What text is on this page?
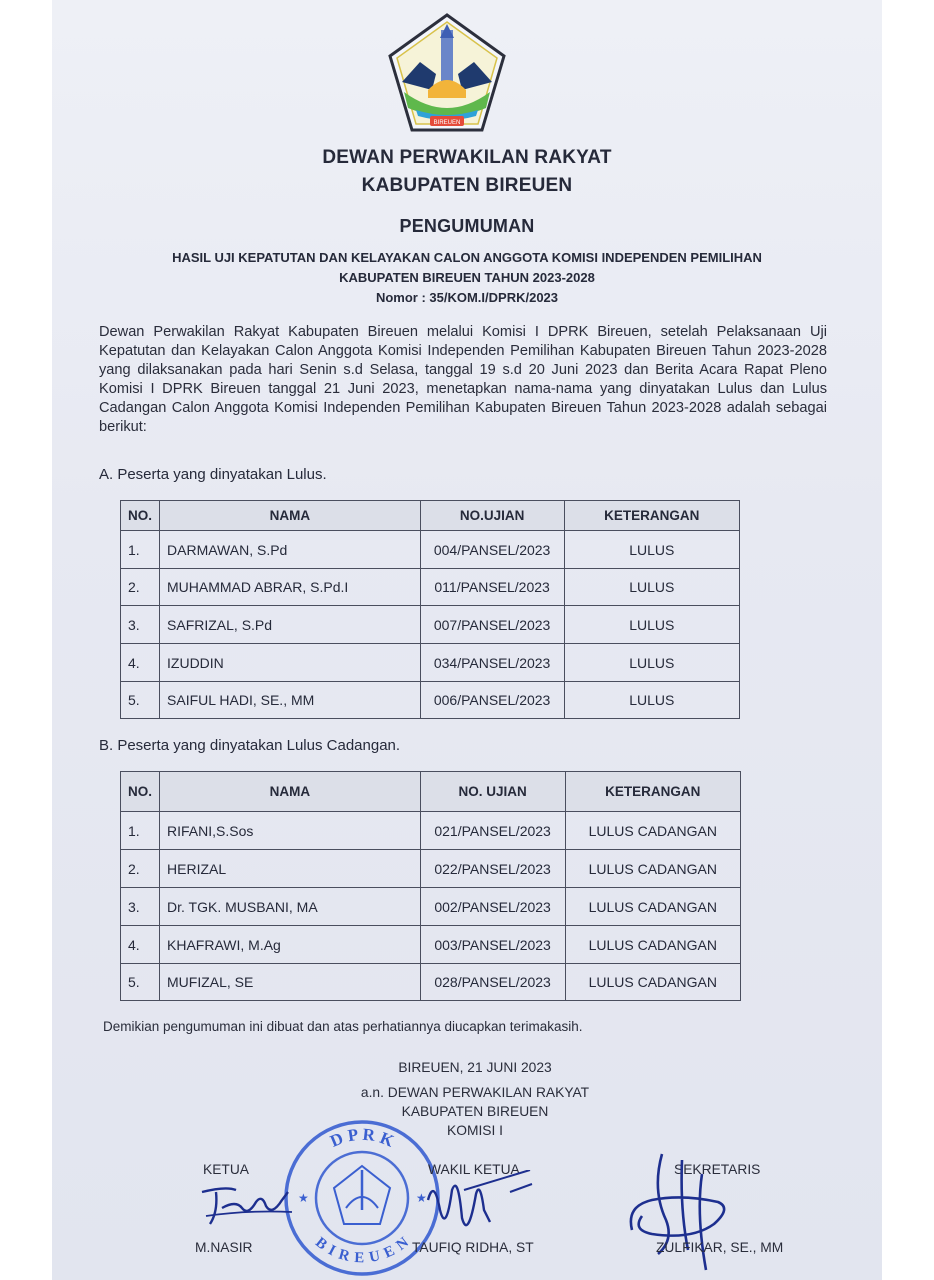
BIREUEN
DEWAN PERWAKILAN RAKYAT
KABUPATEN BIREUEN
PENGUMUMAN
HASIL UJI KEPATUTAN DAN KELAYAKAN CALON ANGGOTA KOMISI INDEPENDEN PEMILIHAN
KABUPATEN BIREUEN TAHUN 2023-2028
Nomor : 35/KOM.I/DPRK/2023
Dewan Perwakilan Rakyat Kabupaten Bireuen melalui Komisi I DPRK Bireuen, setelah Pelaksanaan Uji Kepatutan dan Kelayakan Calon Anggota Komisi Independen Pemilihan Kabupaten Bireuen Tahun 2023-2028 yang dilaksanakan pada hari Senin s.d Selasa, tanggal 19 s.d 20 Juni 2023 dan Berita Acara Rapat Pleno Komisi I DPRK Bireuen tanggal 21 Juni 2023, menetapkan nama-nama yang dinyatakan Lulus dan Lulus Cadangan Calon Anggota Komisi Independen Pemilihan Kabupaten Bireuen Tahun 2023-2028 adalah sebagai berikut:
A. Peserta yang dinyatakan Lulus.
NO.	NAMA	NO.UJIAN	KETERANGAN
1.	DARMAWAN, S.Pd	004/PANSEL/2023	LULUS
2.	MUHAMMAD ABRAR, S.Pd.I	011/PANSEL/2023	LULUS
3.	SAFRIZAL, S.Pd	007/PANSEL/2023	LULUS
4.	IZUDDIN	034/PANSEL/2023	LULUS
5.	SAIFUL HADI, SE., MM	006/PANSEL/2023	LULUS
B. Peserta yang dinyatakan Lulus Cadangan.
NO.	NAMA	NO. UJIAN	KETERANGAN
1.	RIFANI,S.Sos	021/PANSEL/2023	LULUS CADANGAN
2.	HERIZAL	022/PANSEL/2023	LULUS CADANGAN
3.	Dr. TGK. MUSBANI, MA	002/PANSEL/2023	LULUS CADANGAN
4.	KHAFRAWI, M.Ag	003/PANSEL/2023	LULUS CADANGAN
5.	MUFIZAL, SE	028/PANSEL/2023	LULUS CADANGAN
Demikian pengumuman ini dibuat dan atas perhatiannya diucapkan terimakasih.
BIREUEN, 21 JUNI 2023
a.n. DEWAN PERWAKILAN RAKYAT
KABUPATEN BIREUEN
KOMISI I
D P R K
B I R E U E N
★	★
KETUA
M.NASIR
WAKIL KETUA
TAUFIQ RIDHA, ST
SEKRETARIS
ZULFIKAR, SE., MM
